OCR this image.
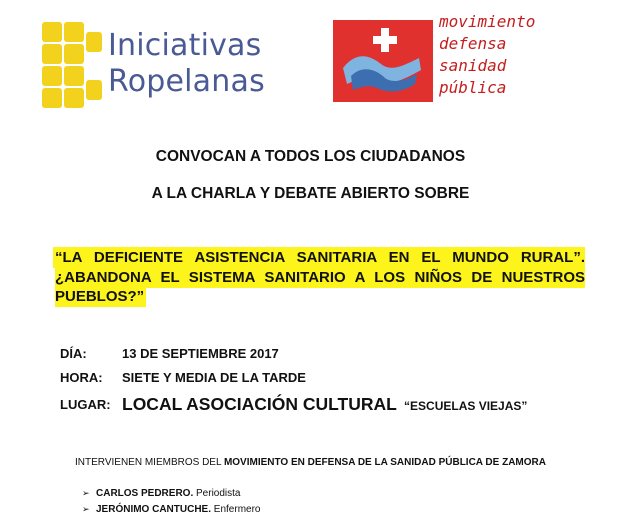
Iniciativas
Ropelanas
movimiento
defensa
sanidad
pública
CONVOCAN A TODOS LOS CIUDADANOS
A LA CHARLA Y DEBATE ABIERTO SOBRE
“LA DEFICIENTE ASISTENCIA SANITARIA EN EL MUNDO RURAL”. ¿ABANDONA EL SISTEMA SANITARIO A LOS NIÑOS DE NUESTROS PUEBLOS?”
DÍA:	13 DE SEPTIEMBRE 2017
HORA: SIETE Y MEDIA DE LA TARDE
LUGAR: LOCAL ASOCIACIÓN CULTURAL “ESCUELAS VIEJAS”
INTERVIENEN MIEMBROS DEL MOVIMIENTO EN DEFENSA DE LA SANIDAD PÚBLICA DE ZAMORA
➢ CARLOS PEDRERO. Periodista
➢ JERÓNIMO CANTUCHE. Enfermero
